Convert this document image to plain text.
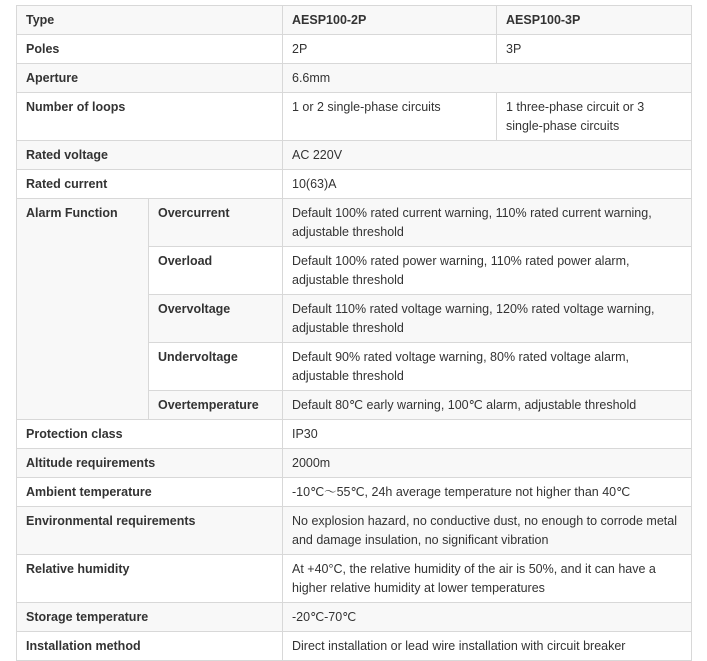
Type		AESP100-2P	AESP100-3P
Poles		2P	3P
Aperture		6.6mm	
Number of loops		1 or 2 single-phase circuits	1 three-phase circuit or 3 single-phase circuits
Rated voltage		AC 220V	
Rated current		10(63)A	
Alarm Function	Overcurrent	Default 100% rated current warning, 110% rated current warning, adjustable threshold	
	Overload	Default 100% rated power warning, 110% rated power alarm, adjustable threshold	
	Overvoltage	Default 110% rated voltage warning, 120% rated voltage warning, adjustable threshold	
	Undervoltage	Default 90% rated voltage warning, 80% rated voltage alarm, adjustable threshold	
	Overtemperature	Default 80℃ early warning, 100℃ alarm, adjustable threshold	
Protection class		IP30	
Altitude requirements		2000m	
Ambient temperature		-10℃～55℃, 24h average temperature not higher than 40℃	
Environmental requirements		No explosion hazard, no conductive dust, no enough to corrode metal and damage insulation, no significant vibration	
Relative humidity		At +40°C, the relative humidity of the air is 50%, and it can have a higher relative humidity at lower temperatures	
Storage temperature		-20℃-70℃	
Installation method		Direct installation or lead wire installation with circuit breaker	
